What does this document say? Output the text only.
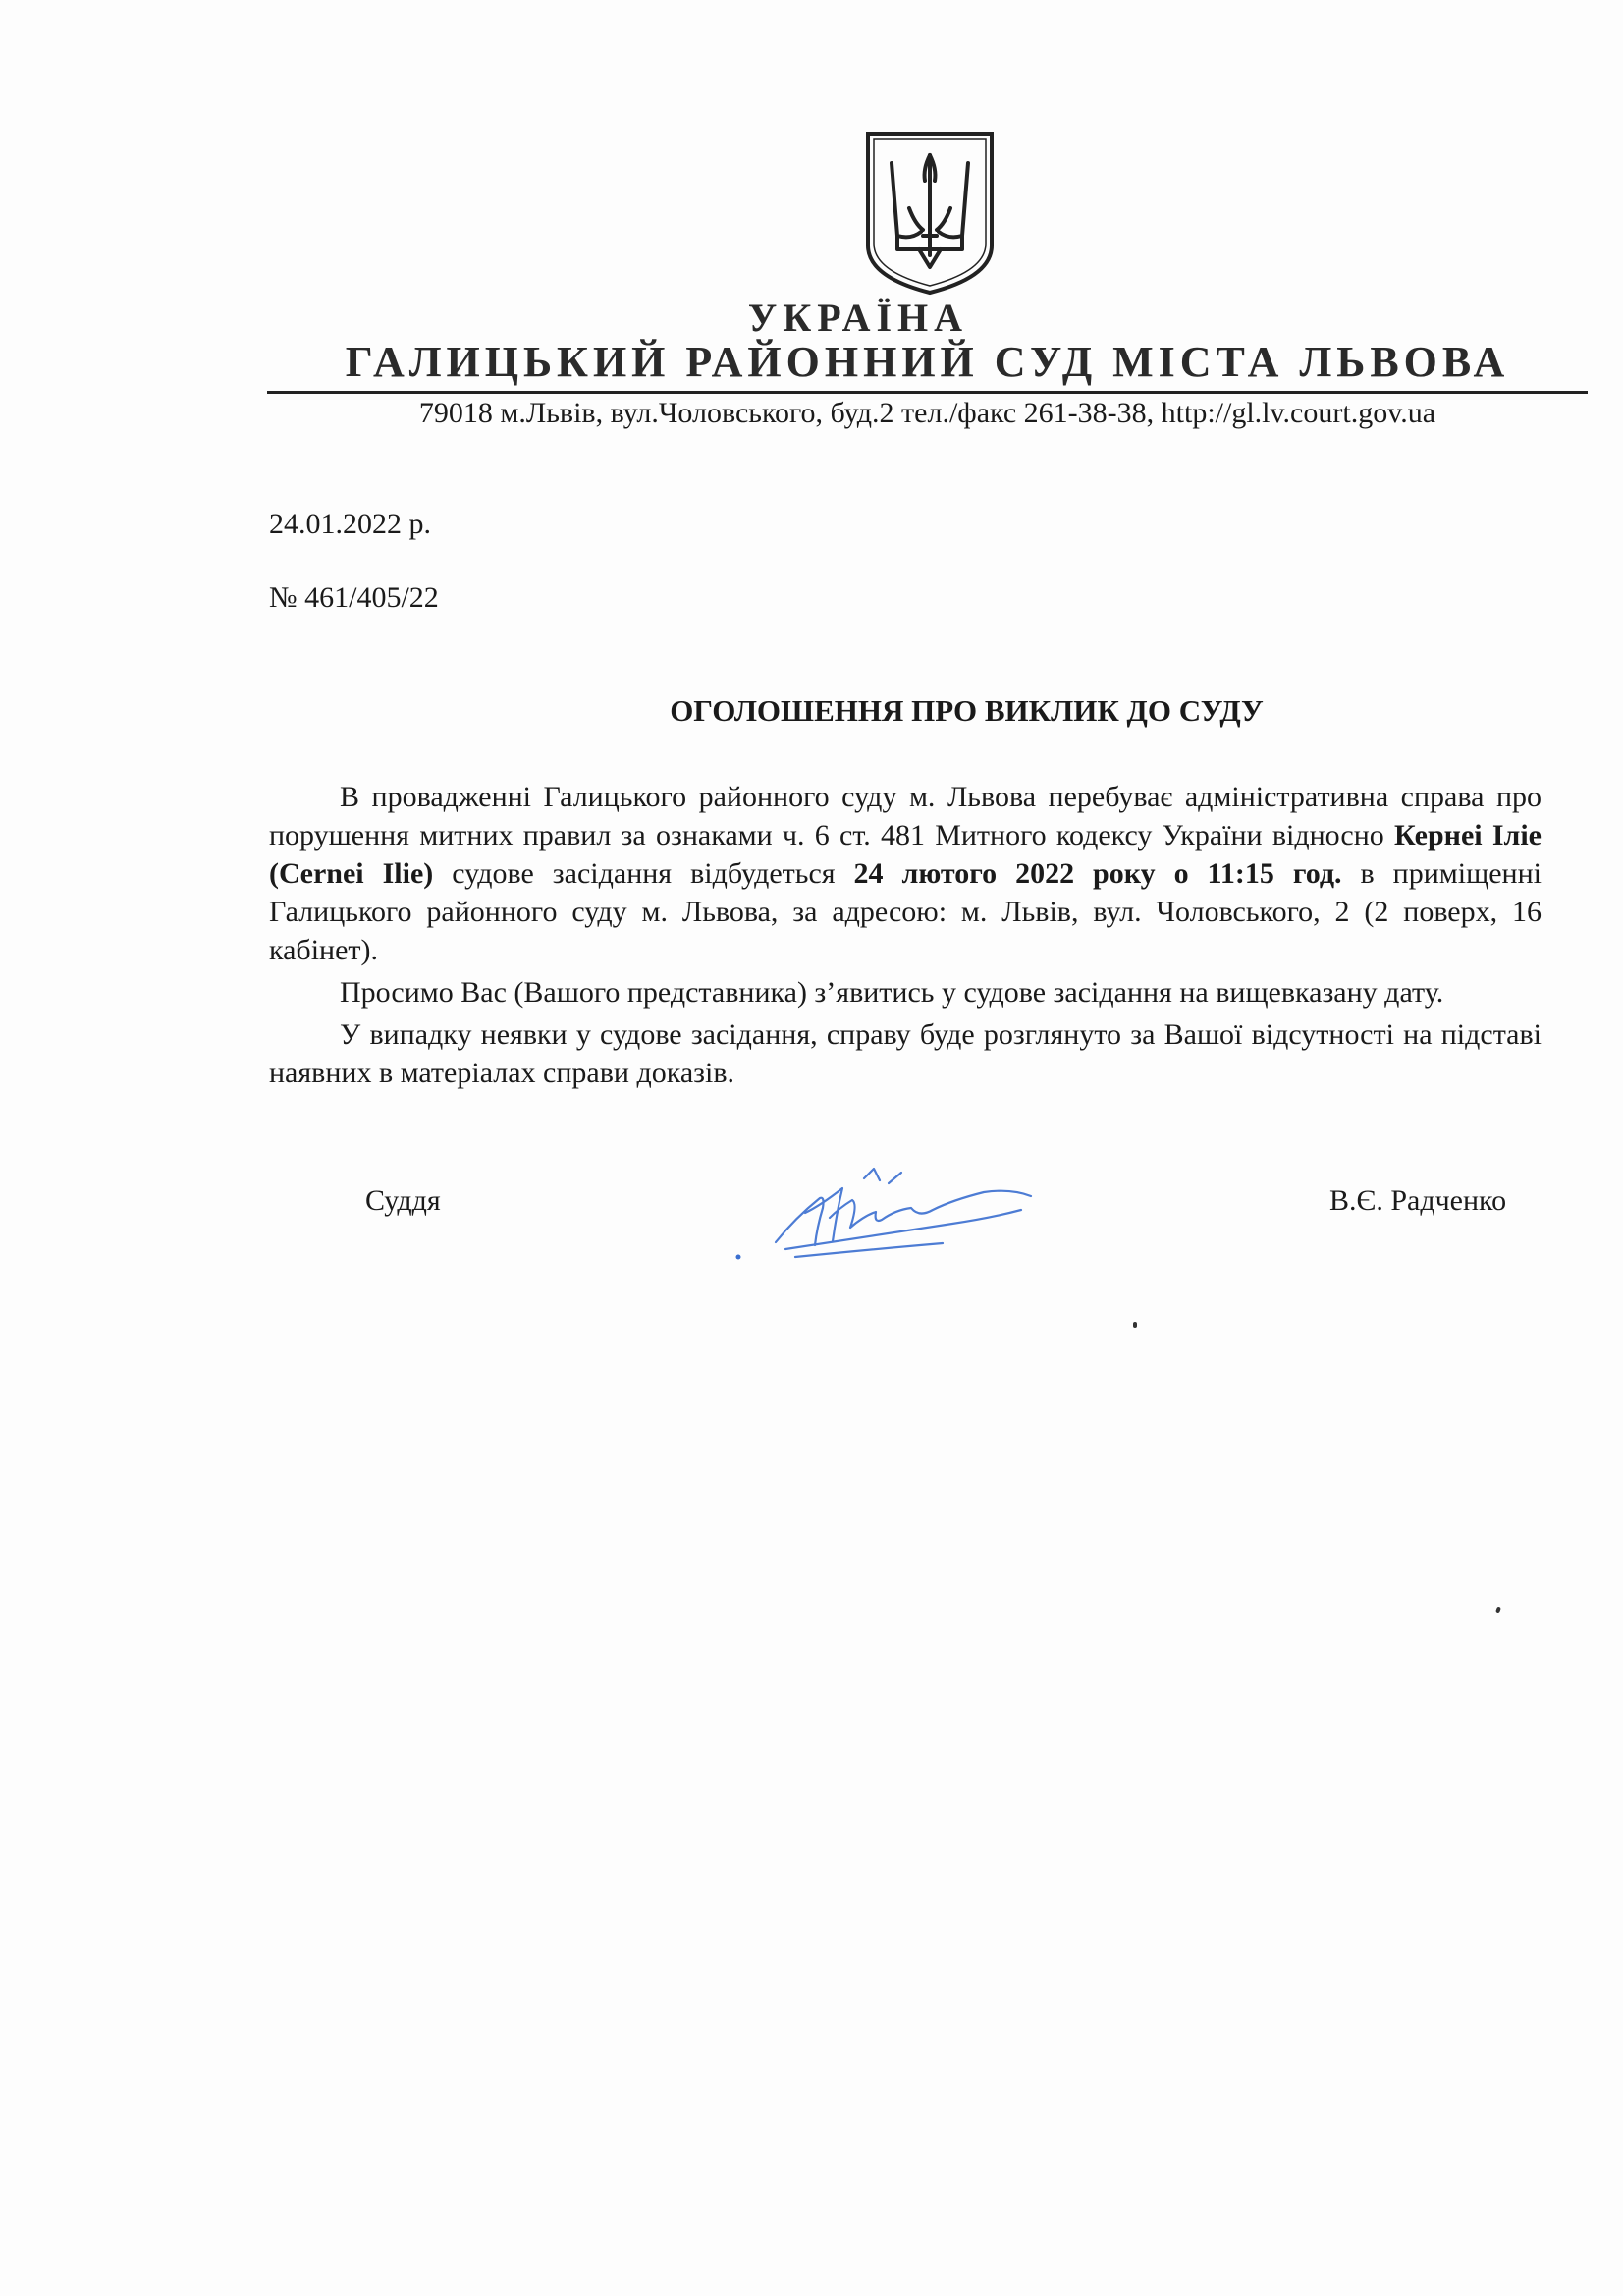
УКРАЇНА
ГАЛИЦЬКИЙ РАЙОННИЙ СУД МІСТА ЛЬВОВА
79018 м.Львів, вул.Чоловського, буд.2 тел./факс 261-38-38, http://gl.lv.court.gov.ua
24.01.2022 р.
№ 461/405/22
ОГОЛОШЕННЯ ПРО ВИКЛИК ДО СУДУ

В провадженні Галицького районного суду м. Львова перебуває адміністративна справа про порушення митних правил за ознаками ч. 6 ст. 481 Митного кодексу України відносно Кернеі Іліе (Cernei Ilie) судове засідання відбудеться 24 лютого 2022 року о 11:15 год. в приміщенні Галицького районного суду м. Львова, за адресою: м. Львів, вул. Чоловського, 2 (2 поверх, 16 кабінет).

Просимо Вас (Вашого представника) з’явитись у судове засідання на вищевказану дату.

У випадку неявки у судове засідання, справу буде розглянуто за Вашої відсутності на підставі наявних в матеріалах справи доказів.

Суддя	В.Є. Радченко
